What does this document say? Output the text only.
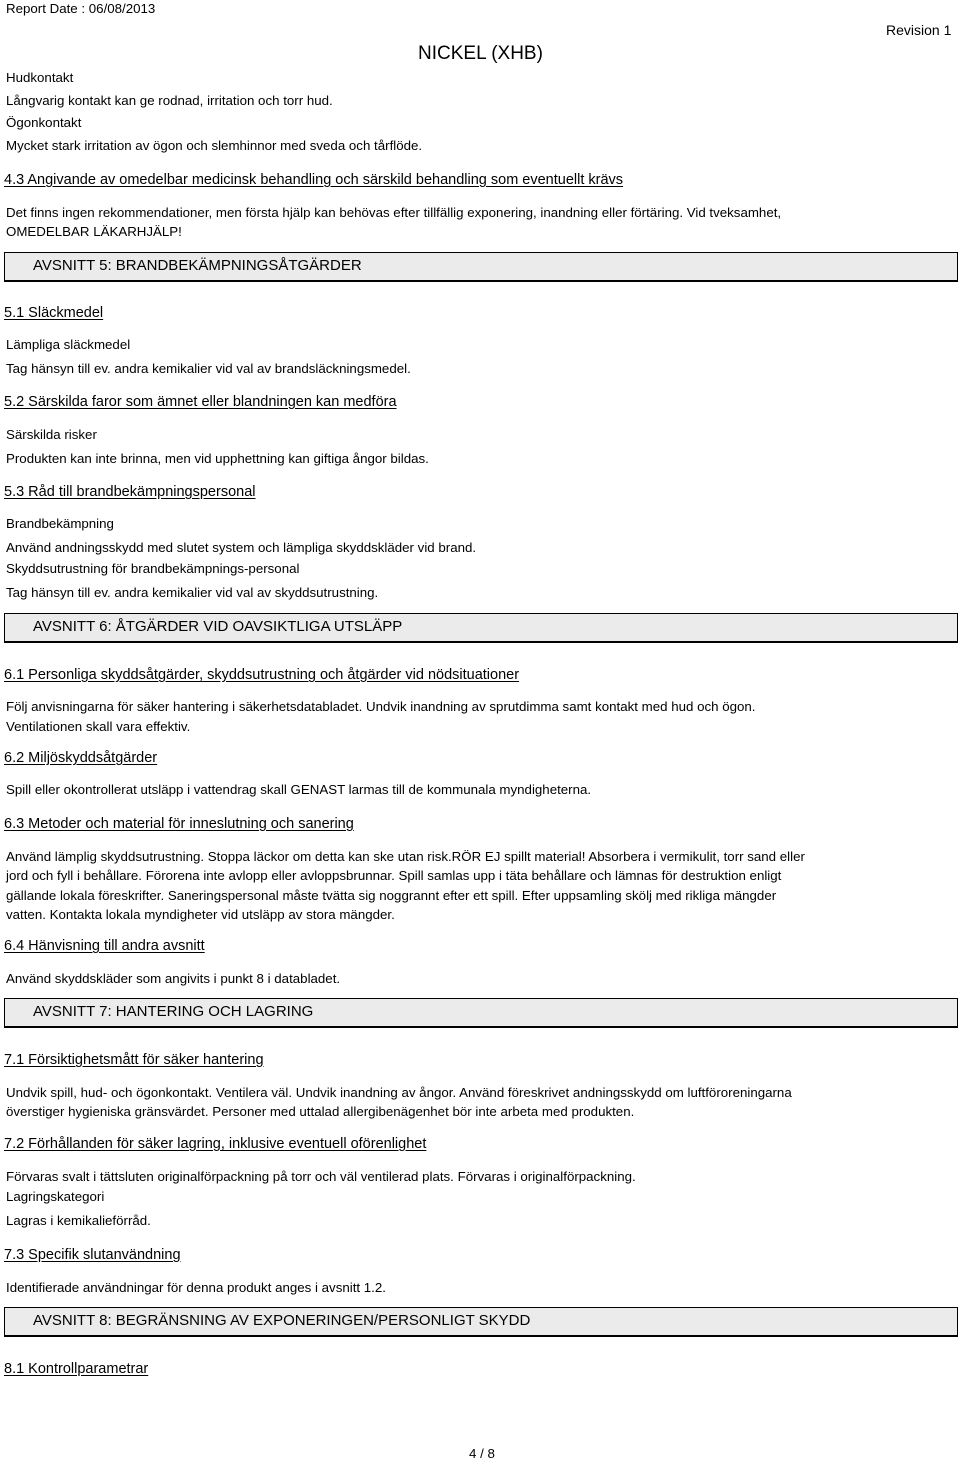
Report Date : 06/08/2013
NICKEL (XHB)
Revision 1
Hudkontakt
Långvarig kontakt kan ge rodnad, irritation och torr hud.
Ögonkontakt
Mycket stark irritation av ögon och slemhinnor med sveda och tårflöde.
4.3 Angivande av omedelbar medicinsk behandling och särskild behandling som eventuellt krävs
Det finns ingen rekommendationer, men första hjälp kan behövas efter tillfällig exponering, inandning eller förtäring. Vid tveksamhet,
OMEDELBAR LÄKARHJÄLP!
AVSNITT 5: BRANDBEKÄMPNINGSÅTGÄRDER
5.1 Släckmedel
Lämpliga släckmedel
Tag hänsyn till ev. andra kemikalier vid val av brandsläckningsmedel.
5.2 Särskilda faror som ämnet eller blandningen kan medföra
Särskilda risker
Produkten kan inte brinna, men vid upphettning kan giftiga ångor bildas.
5.3 Råd till brandbekämpningspersonal
Brandbekämpning
Använd andningsskydd med slutet system och lämpliga skyddskläder vid brand.
Skyddsutrustning för brandbekämpnings-personal
Tag hänsyn till ev. andra kemikalier vid val av skyddsutrustning.
AVSNITT 6: ÅTGÄRDER VID OAVSIKTLIGA UTSLÄPP
6.1 Personliga skyddsåtgärder, skyddsutrustning och åtgärder vid nödsituationer
Följ anvisningarna för säker hantering i säkerhetsdatabladet. Undvik inandning av sprutdimma samt kontakt med hud och ögon.
Ventilationen skall vara effektiv.
6.2 Miljöskyddsåtgärder
Spill eller okontrollerat utsläpp i vattendrag skall GENAST larmas till de kommunala myndigheterna.
6.3 Metoder och material för inneslutning och sanering
Använd lämplig skyddsutrustning. Stoppa läckor om detta kan ske utan risk.RÖR EJ spillt material! Absorbera i vermikulit, torr sand eller
jord och fyll i behållare. Förorena inte avlopp eller avloppsbrunnar. Spill samlas upp i täta behållare och lämnas för destruktion enligt
gällande lokala föreskrifter. Saneringspersonal måste tvätta sig noggrannt efter ett spill. Efter uppsamling skölj med rikliga mängder
vatten. Kontakta lokala myndigheter vid utsläpp av stora mängder.
6.4 Hänvisning till andra avsnitt
Använd skyddskläder som angivits i punkt 8 i databladet.
AVSNITT 7: HANTERING OCH LAGRING
7.1 Försiktighetsmått för säker hantering
Undvik spill, hud- och ögonkontakt. Ventilera väl. Undvik inandning av ångor. Använd föreskrivet andningsskydd om luftföroreningarna
överstiger hygieniska gränsvärdet. Personer med uttalad allergibenägenhet bör inte arbeta med produkten.
7.2 Förhållanden för säker lagring, inklusive eventuell oförenlighet
Förvaras svalt i tättsluten originalförpackning på torr och väl ventilerad plats. Förvaras i originalförpackning.
Lagringskategori
Lagras i kemikalieförråd.
7.3 Specifik slutanvändning
Identifierade användningar för denna produkt anges i avsnitt 1.2.
AVSNITT 8: BEGRÄNSNING AV EXPONERINGEN/PERSONLIGT SKYDD
8.1 Kontrollparametrar
4 / 8
